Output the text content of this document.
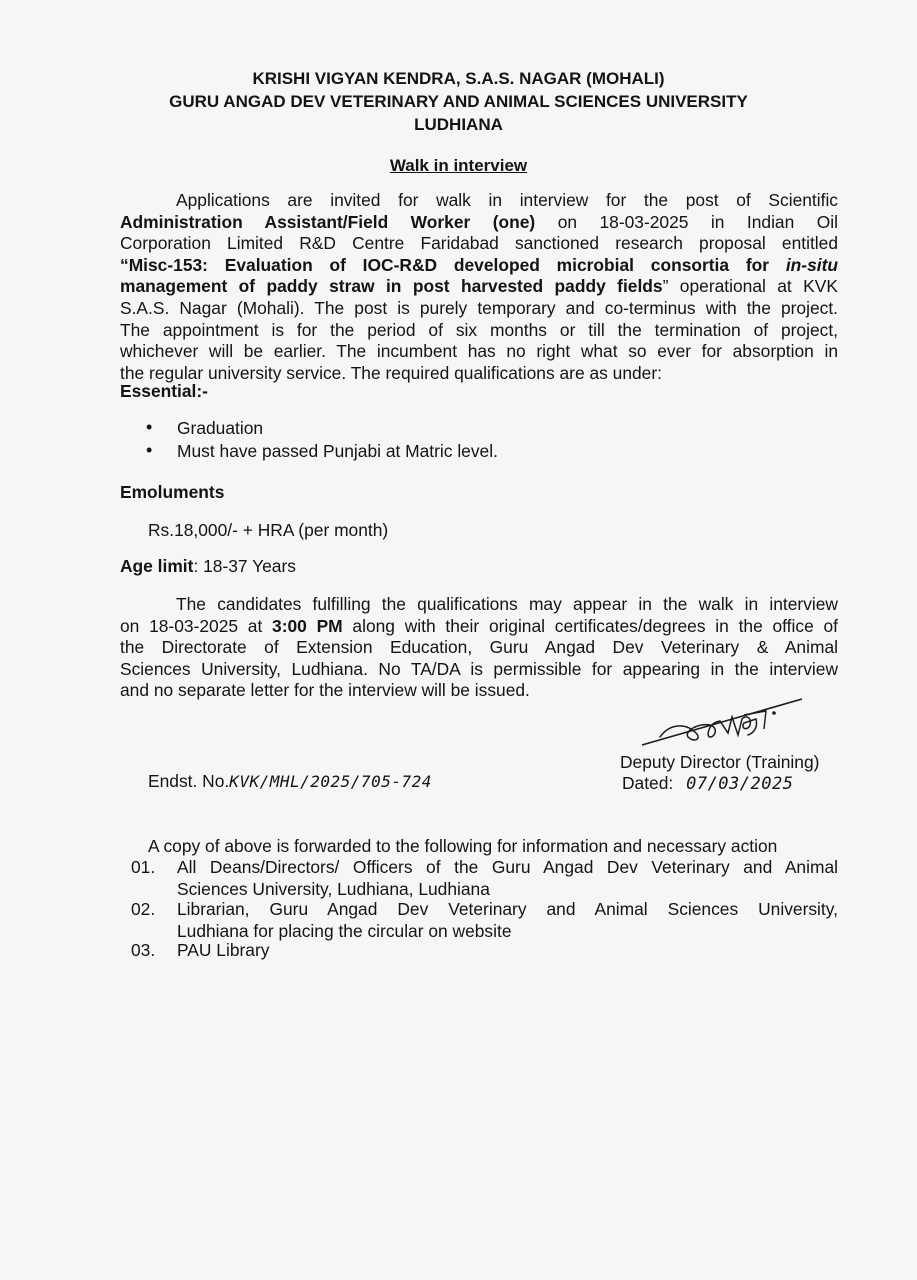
KRISHI VIGYAN KENDRA, S.A.S. NAGAR (MOHALI)
GURU ANGAD DEV VETERINARY AND ANIMAL SCIENCES UNIVERSITY
LUDHIANA
Walk in interview
Applications are invited for walk in interview for the post of Scientific
Administration Assistant/Field Worker (one) on 18-03-2025 in Indian Oil
Corporation Limited R&D Centre Faridabad sanctioned research proposal entitled
“Misc-153: Evaluation of IOC-R&D developed microbial consortia for in-situ
management of paddy straw in post harvested paddy fields” operational at KVK
S.A.S. Nagar (Mohali). The post is purely temporary and co-terminus with the project.
The appointment is for the period of six months or till the termination of project,
whichever will be earlier. The incumbent has no right what so ever for absorption in
the regular university service. The required qualifications are as under:
Essential:-
• Graduation
• Must have passed Punjabi at Matric level.
Emoluments
Rs.18,000/- + HRA (per month)
Age limit: 18-37 Years
The candidates fulfilling the qualifications may appear in the walk in interview
on 18-03-2025 at 3:00 PM along with their original certificates/degrees in the office of
the Directorate of Extension Education, Guru Angad Dev Veterinary & Animal
Sciences University, Ludhiana. No TA/DA is permissible for appearing in the interview
and no separate letter for the interview will be issued.
Deputy Director (Training)
Dated: 07/03/2025
Endst. No.KVK/MHL/2025/705-724
A copy of above is forwarded to the following for information and necessary action
01. All Deans/Directors/ Officers of the Guru Angad Dev Veterinary and Animal
Sciences University, Ludhiana, Ludhiana
02. Librarian, Guru Angad Dev Veterinary and Animal Sciences University,
Ludhiana for placing the circular on website
03. PAU Library
